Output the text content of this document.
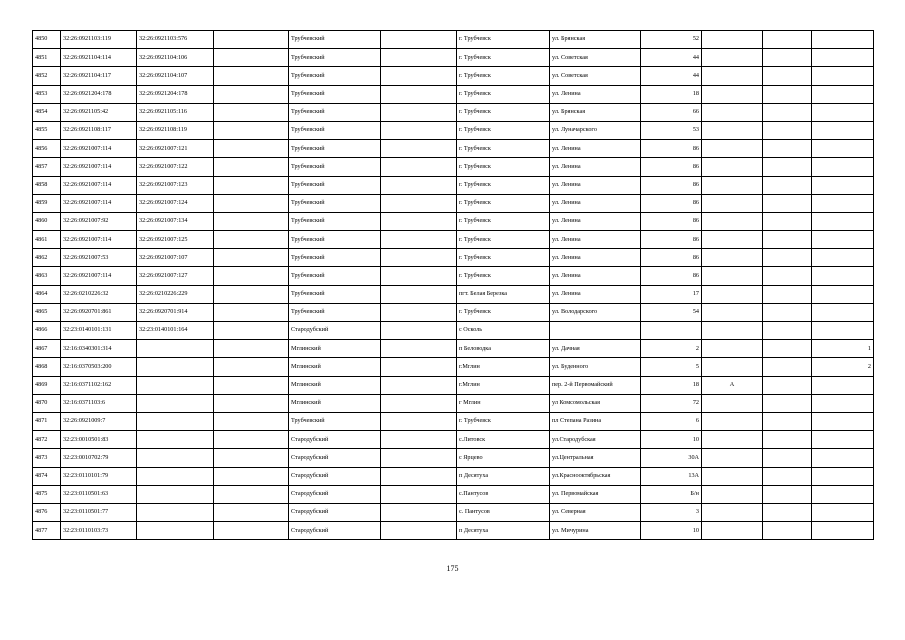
4850	32:26:0921103:119	32:26:0921103:576		Трубчевский		г. Трубчевск	ул. Брянская	52			
4851	32:26:0921104:114	32:26:0921104:106		Трубчевский		г. Трубчевск	ул. Советская	44			
4852	32:26:0921104:117	32:26:0921104:107		Трубчевский		г. Трубчевск	ул. Советская	44			
4853	32:26:0921204:178	32:26:0921204:178		Трубчевский		г. Трубчевск	ул. Ленина	18			
4854	32:26:0921105:42	32:26:0921105:116		Трубчевский		г. Трубчевск	ул. Брянская	66			
4855	32:26:0921108:117	32:26:0921108:119		Трубчевский		г. Трубчевск	ул. Луначарского	53			
4856	32:26:0921007:114	32:26:0921007:121		Трубчевский		г. Трубчевск	ул. Ленина	86			
4857	32:26:0921007:114	32:26:0921007:122		Трубчевский		г. Трубчевск	ул. Ленина	86			
4858	32:26:0921007:114	32:26:0921007:123		Трубчевский		г. Трубчевск	ул. Ленина	86			
4859	32:26:0921007:114	32:26:0921007:124		Трубчевский		г. Трубчевск	ул. Ленина	86			
4860	32:26:0921007:92	32:26:0921007:134		Трубчевский		г. Трубчевск	ул. Ленина	86			
4861	32:26:0921007:114	32:26:0921007:125		Трубчевский		г. Трубчевск	ул. Ленина	86			
4862	32:26:0921007:53	32:26:0921007:107		Трубчевский		г. Трубчевск	ул. Ленина	86			
4863	32:26:0921007:114	32:26:0921007:127		Трубчевский		г. Трубчевск	ул. Ленина	86			
4864	32:26:0210226:32	32:26:0210226:229		Трубчевский		пгт. Белая Березка	ул. Ленина	17			
4865	32:26:0920701:861	32:26:0920701:914		Трубчевский		г. Трубчевск	ул. Володарского	54			
4866	32:23:0140101:131	32:23:0140101:164		Стародубский		с Осколь					
4867	32:16:0340301:314			Мглинский		п Беловодка	ул. Дачная	2			1
4868	32:16:0370503:200			Мглинский		г.Мглин	ул. Буденного	5			2
4869	32:16:0371102:162			Мглинский		г.Мглин	пер. 2-й Первомайский	18	А		
4870	32:16:0371103:6			Мглинский		г Мглин	ул Комсомольская	72			
4871	32:26:0921009:7			Трубчевский		г. Трубчевск	пл Степана Разина	6			
4872	32:23:0010501:83			Стародубский		с.Литовск	ул.Стародубская	10			
4873	32:23:0010702:79			Стародубский		с Ярцево	ул.Центральная	30А			
4874	32:23:0110101:79			Стародубский		п Десятуха	ул.Краснооктябрьская	13А			
4875	32:23:0110501:63			Стародубский		с.Пантусов	ул. Первомайская	Б/н			
4876	32:23:0110501:77			Стародубский		с. Пантусов	ул. Северная	3			
4877	32:23:0110103:73			Стародубский		п Десятуха	ул. Мичурина	10			
175
